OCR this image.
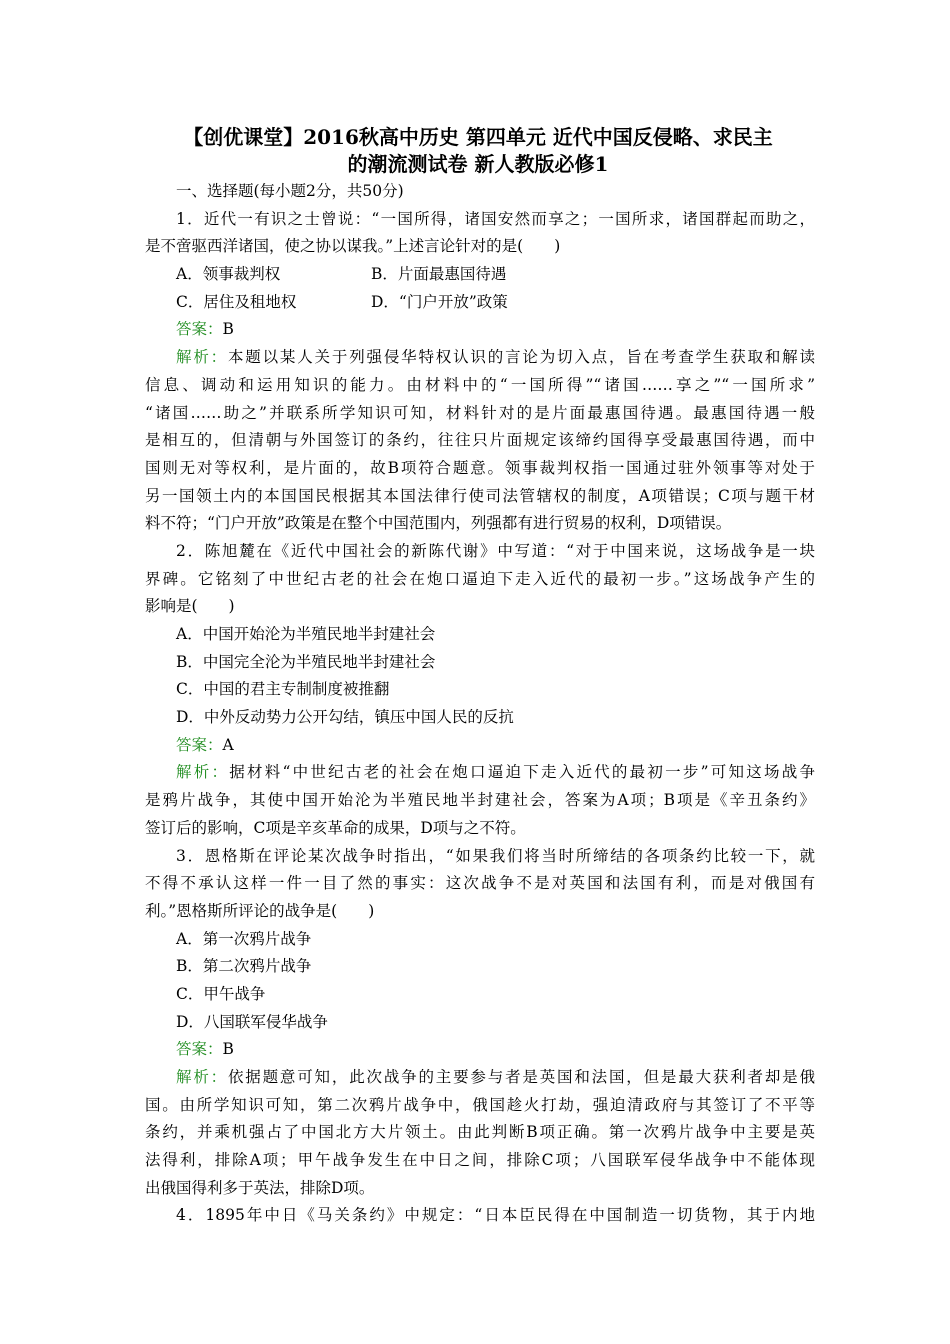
【创优课堂】2016秋高中历史 第四单元 近代中国反侵略、求民主
的潮流测试卷 新人教版必修1
一、选择题(每小题2分，共50分)
1．近代一有识之士曾说：“一国所得，诸国安然而享之；一国所求，诸国群起而助之，
是不啻驱西洋诸国，使之协以谋我。”上述言论针对的是(　　)
A．领事裁判权	B．片面最惠国待遇
C．居住及租地权	D．“门户开放”政策
答案：B
解析：本题以某人关于列强侵华特权认识的言论为切入点，旨在考查学生获取和解读
信息、调动和运用知识的能力。由材料中的“一国所得”“诸国……享之”“一国所求”
“诸国……助之”并联系所学知识可知，材料针对的是片面最惠国待遇。最惠国待遇一般
是相互的，但清朝与外国签订的条约，往往只片面规定该缔约国得享受最惠国待遇，而中
国则无对等权利，是片面的，故B项符合题意。领事裁判权指一国通过驻外领事等对处于
另一国领土内的本国国民根据其本国法律行使司法管辖权的制度，A项错误；C项与题干材
料不符；“门户开放”政策是在整个中国范围内，列强都有进行贸易的权利，D项错误。
2．陈旭麓在《近代中国社会的新陈代谢》中写道：“对于中国来说，这场战争是一块
界碑。它铭刻了中世纪古老的社会在炮口逼迫下走入近代的最初一步。”这场战争产生的
影响是(　　)
A．中国开始沦为半殖民地半封建社会
B．中国完全沦为半殖民地半封建社会
C．中国的君主专制制度被推翻
D．中外反动势力公开勾结，镇压中国人民的反抗
答案：A
解析：据材料“中世纪古老的社会在炮口逼迫下走入近代的最初一步”可知这场战争
是鸦片战争，其使中国开始沦为半殖民地半封建社会，答案为A项；B项是《辛丑条约》
签订后的影响，C项是辛亥革命的成果，D项与之不符。
3．恩格斯在评论某次战争时指出，“如果我们将当时所缔结的各项条约比较一下，就
不得不承认这样一件一目了然的事实：这次战争不是对英国和法国有利，而是对俄国有
利。”恩格斯所评论的战争是(　　)
A．第一次鸦片战争
B．第二次鸦片战争
C．甲午战争
D．八国联军侵华战争
答案：B
解析：依据题意可知，此次战争的主要参与者是英国和法国，但是最大获利者却是俄
国。由所学知识可知，第二次鸦片战争中，俄国趁火打劫，强迫清政府与其签订了不平等
条约，并乘机强占了中国北方大片领土。由此判断B项正确。第一次鸦片战争中主要是英
法得利，排除A项；甲午战争发生在中日之间，排除C项；八国联军侵华战争中不能体现
出俄国得利多于英法，排除D项。
4．1895年中日《马关条约》中规定：“日本臣民得在中国制造一切货物，其于内地
